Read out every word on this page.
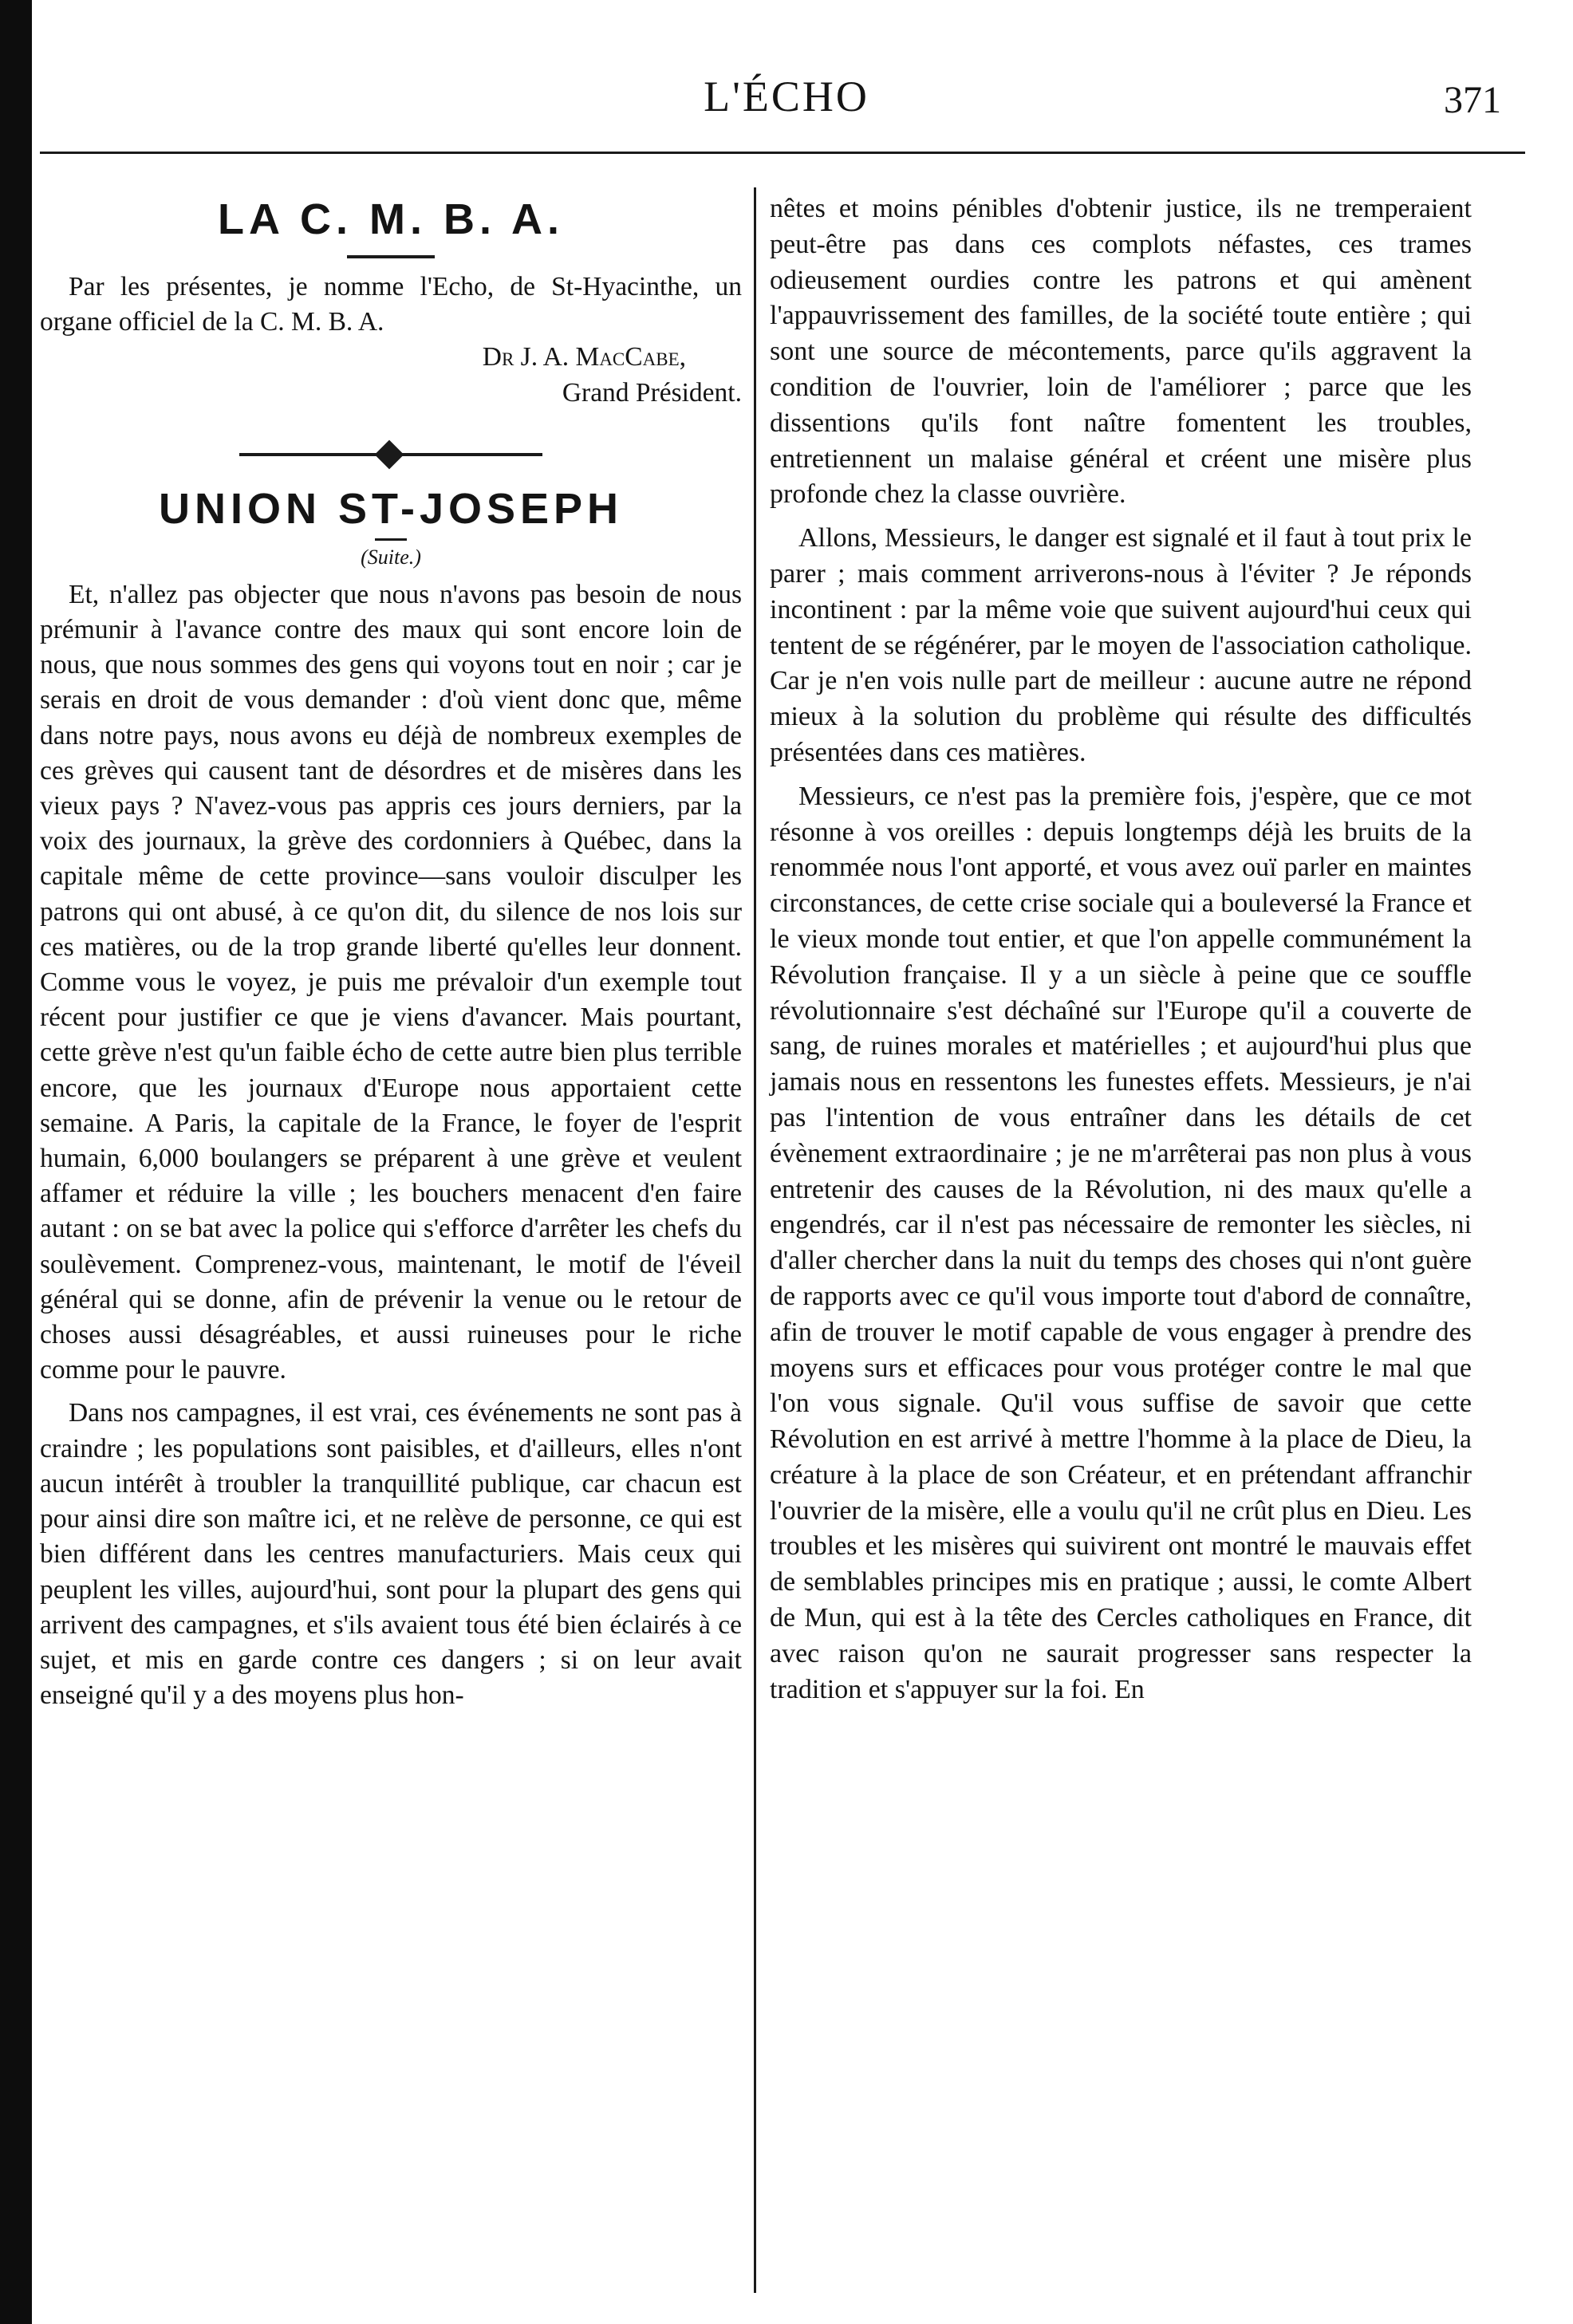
L'ÉCHO	371
LA C. M. B. A.

Par les présentes, je nomme l'Echo, de St-Hyacinthe, un organe officiel de la C. M. B. A.

Dr J. A. MacCabe,

Grand Président.

UNION ST-JOSEPH

(Suite.)

Et, n'allez pas objecter que nous n'avons pas besoin de nous prémunir à l'avance contre des maux qui sont encore loin de nous, que nous sommes des gens qui voyons tout en noir ; car je serais en droit de vous demander : d'où vient donc que, même dans notre pays, nous avons eu déjà de nombreux exemples de ces grèves qui causent tant de désordres et de misères dans les vieux pays ? N'avez-vous pas appris ces jours derniers, par la voix des journaux, la grève des cordonniers à Québec, dans la capitale même de cette province—sans vouloir disculper les patrons qui ont abusé, à ce qu'on dit, du silence de nos lois sur ces matières, ou de la trop grande liberté qu'elles leur donnent. Comme vous le voyez, je puis me prévaloir d'un exemple tout récent pour justifier ce que je viens d'avancer. Mais pourtant, cette grève n'est qu'un faible écho de cette autre bien plus terrible encore, que les journaux d'Europe nous apportaient cette semaine. A Paris, la capitale de la France, le foyer de l'esprit humain, 6,000 boulangers se préparent à une grève et veulent affamer et réduire la ville ; les bouchers menacent d'en faire autant : on se bat avec la police qui s'efforce d'arrêter les chefs du soulèvement. Comprenez-vous, maintenant, le motif de l'éveil général qui se donne, afin de prévenir la venue ou le retour de choses aussi désagréables, et aussi ruineuses pour le riche comme pour le pauvre.

Dans nos campagnes, il est vrai, ces événements ne sont pas à craindre ; les populations sont paisibles, et d'ailleurs, elles n'ont aucun intérêt à troubler la tranquillité publique, car chacun est pour ainsi dire son maître ici, et ne relève de personne, ce qui est bien différent dans les centres manufacturiers. Mais ceux qui peuplent les villes, aujourd'hui, sont pour la plupart des gens qui arrivent des campagnes, et s'ils avaient tous été bien éclairés à ce sujet, et mis en garde contre ces dangers ; si on leur avait enseigné qu'il y a des moyens plus hon-

nêtes et moins pénibles d'obtenir justice, ils ne tremperaient peut-être pas dans ces complots néfastes, ces trames odieusement ourdies contre les patrons et qui amènent l'appauvrissement des familles, de la société toute entière ; qui sont une source de mécontements, parce qu'ils aggravent la condition de l'ouvrier, loin de l'améliorer ; parce que les dissentions qu'ils font naître fomentent les troubles, entretiennent un malaise général et créent une misère plus profonde chez la classe ouvrière.

Allons, Messieurs, le danger est signalé et il faut à tout prix le parer ; mais comment arriverons-nous à l'éviter ? Je réponds incontinent : par la même voie que suivent aujourd'hui ceux qui tentent de se régénérer, par le moyen de l'association catholique. Car je n'en vois nulle part de meilleur : aucune autre ne répond mieux à la solution du problème qui résulte des difficultés présentées dans ces matières.

Messieurs, ce n'est pas la première fois, j'espère, que ce mot résonne à vos oreilles : depuis longtemps déjà les bruits de la renommée nous l'ont apporté, et vous avez ouï parler en maintes circonstances, de cette crise sociale qui a bouleversé la France et le vieux monde tout entier, et que l'on appelle communément la Révolution française. Il y a un siècle à peine que ce souffle révolutionnaire s'est déchaîné sur l'Europe qu'il a couverte de sang, de ruines morales et matérielles ; et aujourd'hui plus que jamais nous en ressentons les funestes effets. Messieurs, je n'ai pas l'intention de vous entraîner dans les détails de cet évènement extraordinaire ; je ne m'arrêterai pas non plus à vous entretenir des causes de la Révolution, ni des maux qu'elle a engendrés, car il n'est pas nécessaire de remonter les siècles, ni d'aller chercher dans la nuit du temps des choses qui n'ont guère de rapports avec ce qu'il vous importe tout d'abord de connaître, afin de trouver le motif capable de vous engager à prendre des moyens surs et efficaces pour vous protéger contre le mal que l'on vous signale. Qu'il vous suffise de savoir que cette Révolution en est arrivé à mettre l'homme à la place de Dieu, la créature à la place de son Créateur, et en prétendant affranchir l'ouvrier de la misère, elle a voulu qu'il ne crût plus en Dieu. Les troubles et les misères qui suivirent ont montré le mauvais effet de semblables principes mis en pratique ; aussi, le comte Albert de Mun, qui est à la tête des Cercles catholiques en France, dit avec raison qu'on ne saurait progresser sans respecter la tradition et s'appuyer sur la foi. En
